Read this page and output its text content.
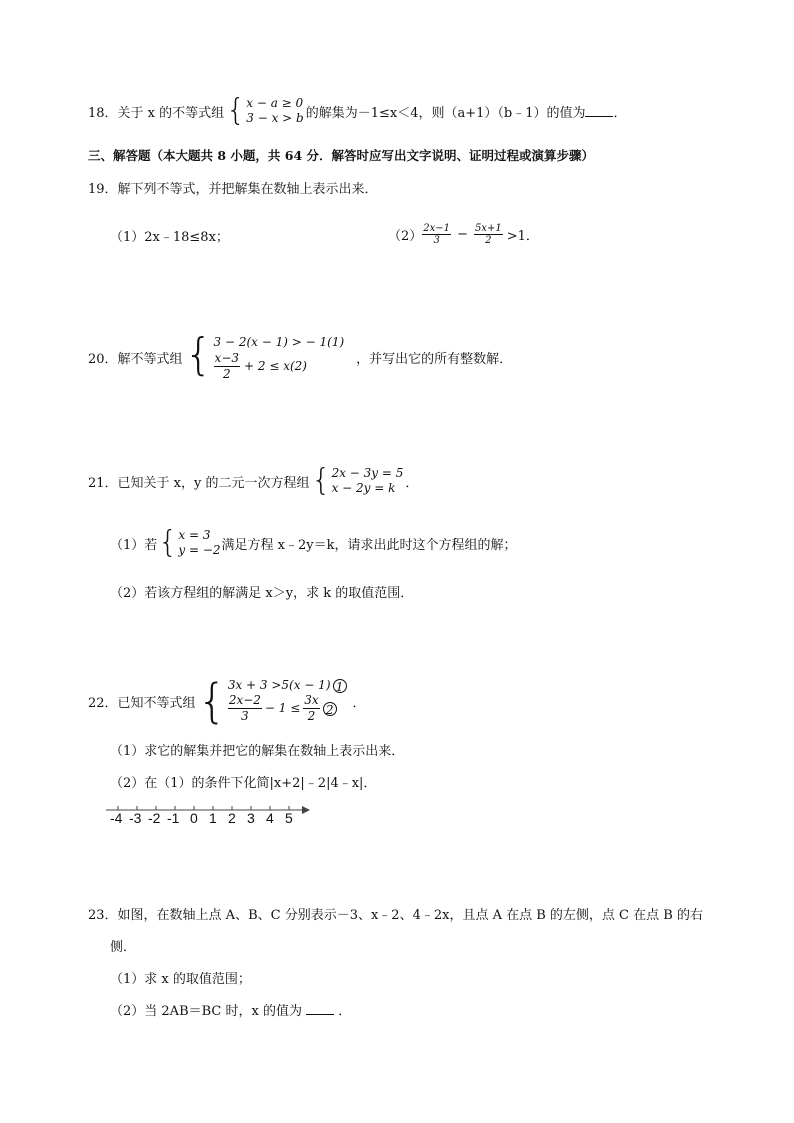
18． 关于 x 的不等式组 { x − a ≥ 0
3 − x > b 的解集为－1≤x＜4，则（a+1）（b﹣1）的值为 ．
三、解答题（本大题共 8 小题，共 64 分．解答时应写出文字说明、证明过程或演算步骤）
19．解下列不等式，并把解集在数轴上表示出来．
（1）2x﹣18≤8x；	$(2) \frac{2x-1}{3} - \frac{5x+1}{2} >1$．
20．解不等式组 { 3 − 2(x − 1) > − 1(1)
$\frac{x-3}{2} + 2 \le x(2)$	，并写出它的所有整数解．
21．已知关于 x，y 的二元一次方程组 { 2x − 3y = 5
x − 2y = k ．
（1）若 { x = 3
y = −2 满足方程 x﹣2y＝k，请求出此时这个方程组的解；
（2）若该方程组的解满足 x＞y，求 k 的取值范围．
22．已知不等式组 { 3x + 3 >5(x − 1) 1
$\frac{2x-2}{3} - 1 \le \frac{3x}{2} 2$ ．
（1）求它的解集并把它的解集在数轴上表示出来．
（2）在（1）的条件下化简|x+2|﹣2|4﹣x|．
-4 -3 -2 -1 0 1 2 3 4 5
23．如图，在数轴上点 A、B、C 分别表示－3、x﹣2、4﹣2x，且点 A 在点 B 的左侧，点 C 在点 B 的右
侧．
（1）求 x 的取值范围；
（2）当 2AB＝BC 时，x 的值为	．
